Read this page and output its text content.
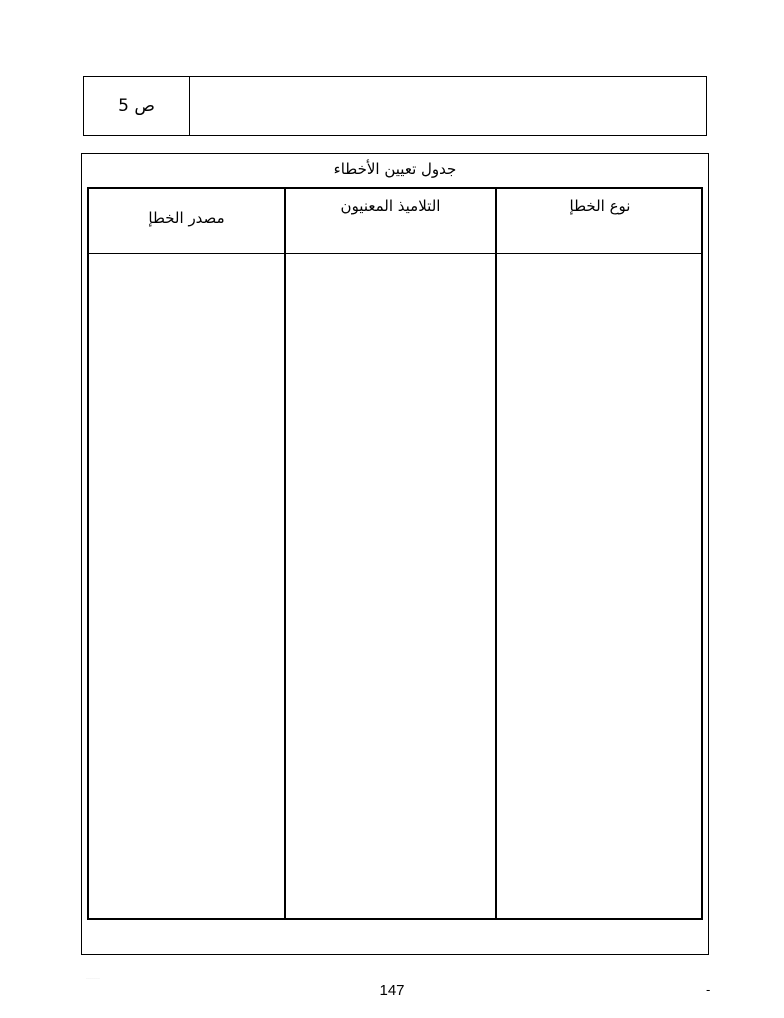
ص 5
جدول تعيين الأخطاء
مصدر الخطإ
التلاميذ المعنيون	نوع الخطإ
·······
147	-
